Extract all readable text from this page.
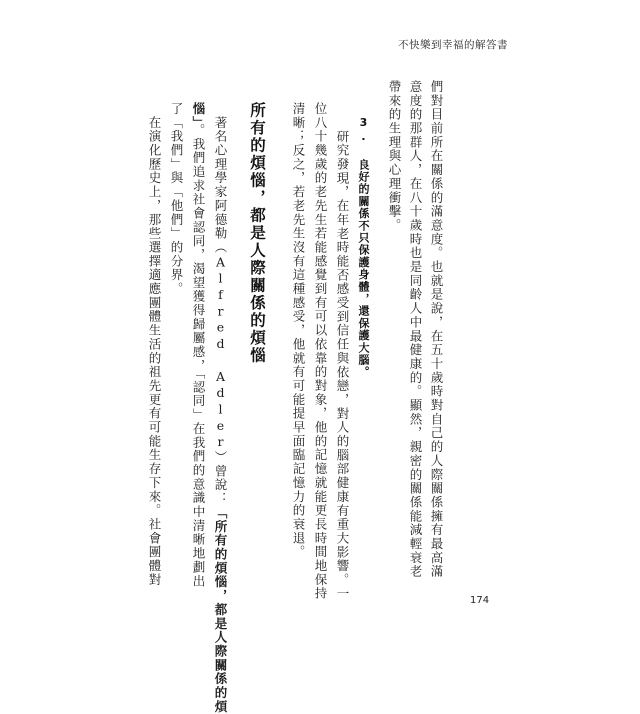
不快樂到幸福的解答書
們對目前所在關係的滿意度。也就是說，在五十歲時對自己的人際關係擁有最高滿
意度的那群人，在八十歲時也是同齡人中最健康的。顯然，親密的關係能減輕衰老
帶來的生理與心理衝擊。
3. 良好的關係不只保護身體，還保護大腦。
　研究發現，在年老時能否感受到信任與依戀，對人的腦部健康有重大影響。一
位八十幾歲的老先生若能感覺到有可以依靠的對象，他的記憶就能更長時間地保持
清晰；反之，若老先生沒有這種感受，他就有可能提早面臨記憶力的衰退。
所有的煩惱，都是人際關係的煩惱
　著名心理學家阿德勒（Alfred Adler）曾說：「所有的煩惱，都是人際關係的煩
惱」。我們追求社會認同，渴望獲得歸屬感，「認同」在我們的意識中清晰地劃出
了「我們」與「他們」的分界。
　在演化歷史上，那些選擇適應團體生活的祖先更有可能生存下來。社會團體對
174
